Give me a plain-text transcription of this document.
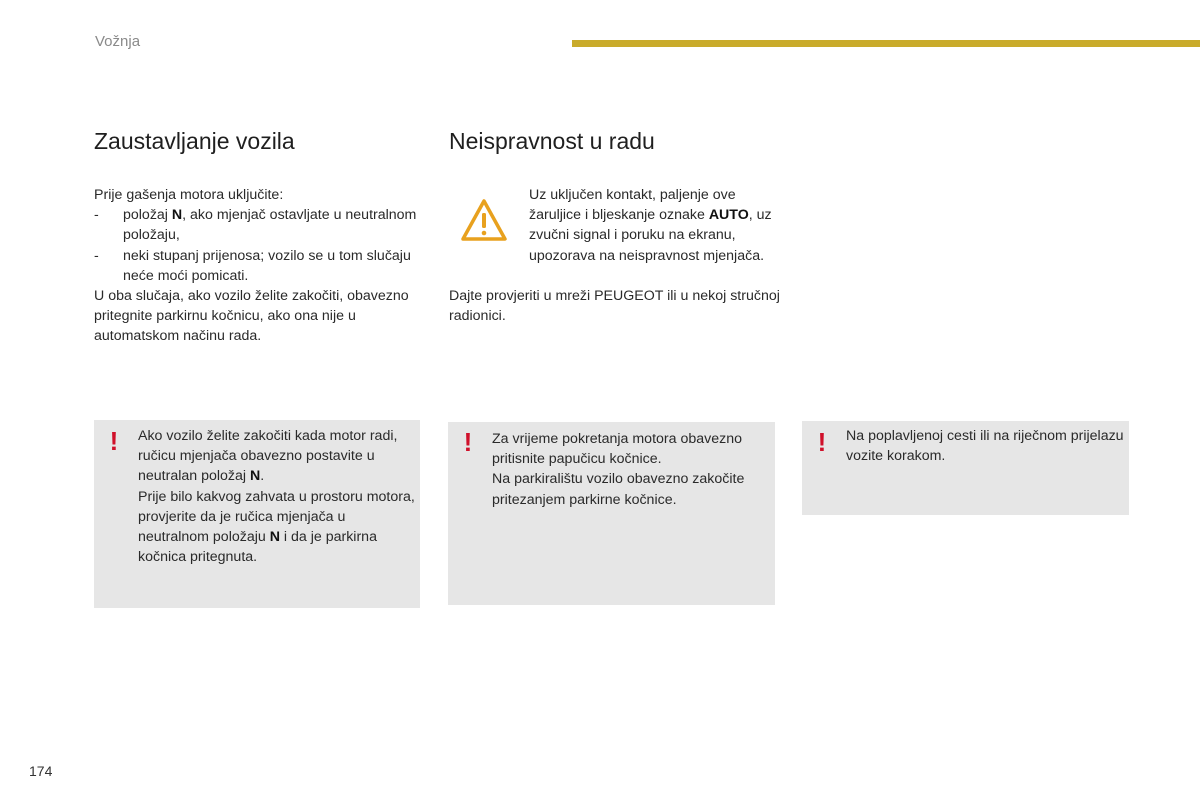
Vožnja
Zaustavljanje vozila	Neispravnost u radu
Prije gašenja motora uključite:
-	položaj N, ako mjenjač ostavljate u neutralnom položaju,
-	neki stupanj prijenosa; vozilo se u tom slučaju neće moći pomicati.
U oba slučaja, ako vozilo želite zakočiti, obavezno pritegnite parkirnu kočnicu, ako ona nije u automatskom načinu rada.
Uz uključen kontakt, paljenje ove žaruljice i bljeskanje oznake AUTO, uz zvučni signal i poruku na ekranu, upozorava na neispravnost mjenjača.
Dajte provjeriti u mreži PEUGEOT ili u nekoj stručnoj radionici.
! Ako vozilo želite zakočiti kada motor radi, ručicu mjenjača obavezno postavite u neutralan položaj N.
Prije bilo kakvog zahvata u prostoru motora, provjerite da je ručica mjenjača u neutralnom položaju N i da je parkirna kočnica pritegnuta.
! Za vrijeme pokretanja motora obavezno pritisnite papučicu kočnice.
Na parkiralištu vozilo obavezno zakočite pritezanjem parkirne kočnice.
! Na poplavljenoj cesti ili na riječnom prijelazu vozite korakom.
174
